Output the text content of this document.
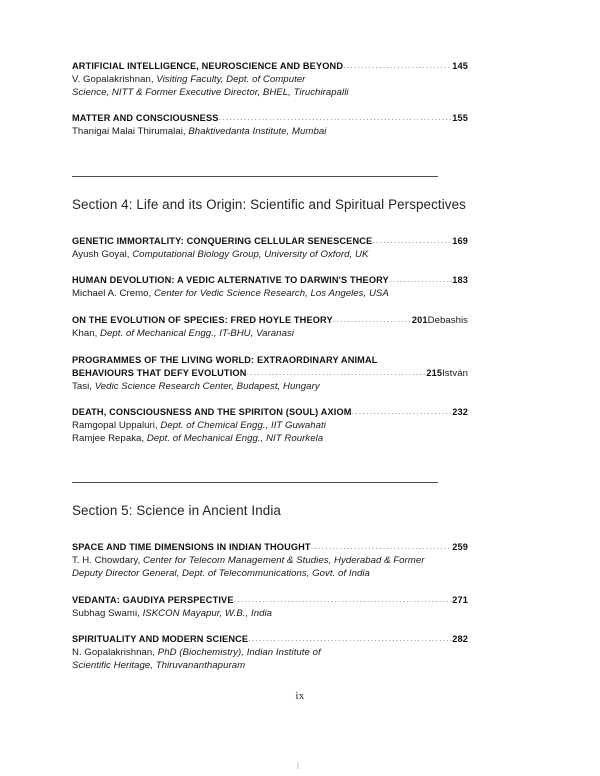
ARTIFICIAL INTELLIGENCE, NEUROSCIENCE AND BEYOND .....	145
V. Gopalakrishnan, Visiting Faculty, Dept. of Computer
Science, NITT & Former Executive Director, BHEL, Tiruchirapalli
MATTER AND CONSCIOUSNESS .....	155
Thanigai Malai Thirumalai, Bhaktivedanta Institute, Mumbai
Section 4: Life and its Origin: Scientific and Spiritual Perspectives
GENETIC IMMORTALITY: CONQUERING CELLULAR SENESCENCE .....	169
Ayush Goyal, Computational Biology Group, University of Oxford, UK
HUMAN DEVOLUTION: A VEDIC ALTERNATIVE TO DARWIN'S THEORY .....	183
Michael A. Cremo, Center for Vedic Science Research, Los Angeles, USA
ON THE EVOLUTION OF SPECIES: FRED HOYLE THEORY .....	201 Debashis
Khan, Dept. of Mechanical Engg., IT-BHU, Varanasi
PROGRAMMES OF THE LIVING WORLD: EXTRAORDINARY ANIMAL
BEHAVIOURS THAT DEFY EVOLUTION .....	215 István
Tasi, Vedic Science Research Center, Budapest, Hungary
DEATH, CONSCIOUSNESS AND THE SPIRITON (SOUL) AXIOM .....	232
Ramgopal Uppaluri, Dept. of Chemical Engg., IIT Guwahati
Ramjee Repaka, Dept. of Mechanical Engg., NIT Rourkela
Section 5: Science in Ancient India
SPACE AND TIME DIMENSIONS IN INDIAN THOUGHT .....	259
T. H. Chowdary, Center for Telecom Management & Studies, Hyderabad & Former
Deputy Director General, Dept. of Telecommunications, Govt. of India
VEDANTA: GAUDIYA PERSPECTIVE .....	271
Subhag Swami, ISKCON Mayapur, W.B., India
SPIRITUALITY AND MODERN SCIENCE .....	282
N. Gopalakrishnan, PhD (Biochemistry), Indian Institute of
Scientific Heritage, Thiruvananthapuram
ix
